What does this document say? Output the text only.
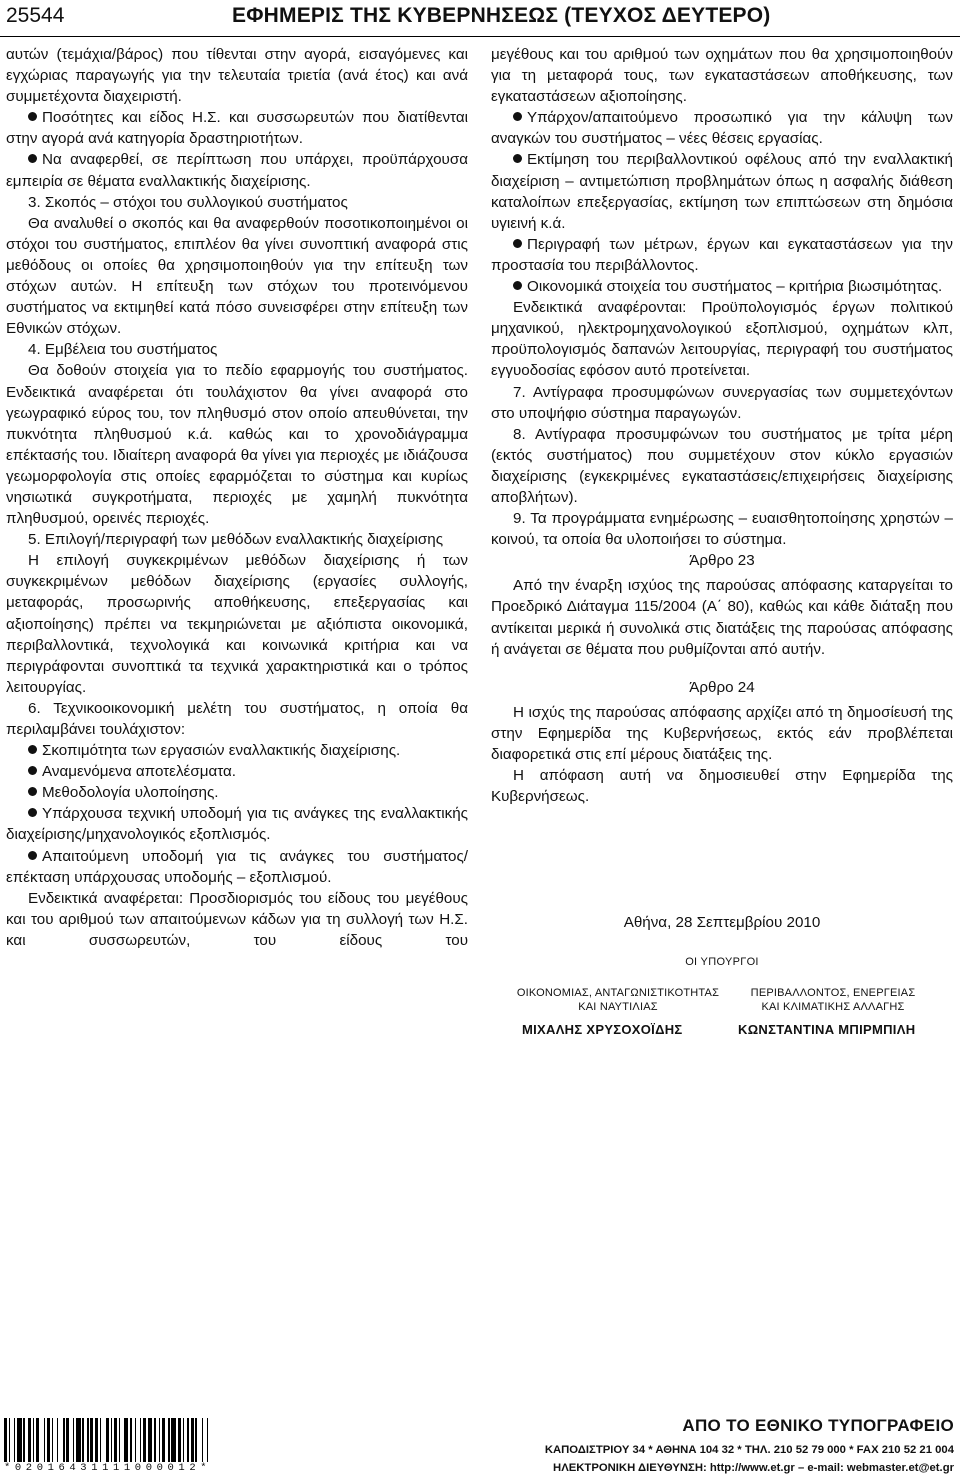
25544	ΕΦΗΜΕΡΙΣ ΤΗΣ ΚΥΒΕΡΝΗΣΕΩΣ (ΤΕΥΧΟΣ ΔΕΥΤΕΡΟ)

αυτών (τεμάχια/βάρος) που τίθενται στην αγορά, εισαγόμενες και εγχώριας παραγωγής για την τελευταία τριετία (ανά έτος) και ανά συμμετέχοντα διαχειριστή.

Ποσότητες και είδος Η.Σ. και συσσωρευτών που διατίθενται στην αγορά ανά κατηγορία δραστηριοτήτων.

Να αναφερθεί, σε περίπτωση που υπάρχει, προϋπάρχουσα εμπειρία σε θέματα εναλλακτικής διαχείρισης.

3. Σκοπός – στόχοι του συλλογικού συστήματος

Θα αναλυθεί ο σκοπός και θα αναφερθούν ποσοτικοποιημένοι οι στόχοι του συστήματος, επιπλέον θα γίνει συνοπτική αναφορά στις μεθόδους οι οποίες θα χρησιμοποιηθούν για την επίτευξη των στόχων αυτών. Η επίτευξη των στόχων του προτεινόμενου συστήματος να εκτιμηθεί κατά πόσο συνεισφέρει στην επίτευξη των Εθνικών στόχων.

4. Εμβέλεια του συστήματος

Θα δοθούν στοιχεία για το πεδίο εφαρμογής του συστήματος. Ενδεικτικά αναφέρεται ότι τουλάχιστον θα γίνει αναφορά στο γεωγραφικό εύρος του, τον πληθυσμό στον οποίο απευθύνεται, την πυκνότητα πληθυσμού κ.ά. καθώς και το χρονοδιάγραμμα επέκτασής του. Ιδιαίτερη αναφορά θα γίνει για περιοχές με ιδιάζουσα γεωμορφολογία στις οποίες εφαρμόζεται το σύστημα και κυρίως νησιωτικά συγκροτήματα, περιοχές με χαμηλή πυκνότητα πληθυσμού, ορεινές περιοχές.

5. Επιλογή/περιγραφή των μεθόδων εναλλακτικής διαχείρισης

Η επιλογή συγκεκριμένων μεθόδων διαχείρισης ή των συγκεκριμένων μεθόδων διαχείρισης (εργασίες συλλογής, μεταφοράς, προσωρινής αποθήκευσης, επεξεργασίας και αξιοποίησης) πρέπει να τεκμηριώνεται με αξιόπιστα οικονομικά, περιβαλλοντικά, τεχνολογικά και κοινωνικά κριτήρια και να περιγράφονται συνοπτικά τα τεχνικά χαρακτηριστικά και ο τρόπος λειτουργίας.

6. Τεχνικοοικονομική μελέτη του συστήματος, η οποία θα περιλαμβάνει τουλάχιστον:

Σκοπιμότητα των εργασιών εναλλακτικής διαχείρισης.

Αναμενόμενα αποτελέσματα.

Μεθοδολογία υλοποίησης.

Υπάρχουσα τεχνική υποδομή για τις ανάγκες της εναλλακτικής διαχείρισης/μηχανολογικός εξοπλισμός.

Απαιτούμενη υποδομή για τις ανάγκες του συστήματος/επέκταση υπάρχουσας υποδομής – εξοπλισμού.

Ενδεικτικά αναφέρεται: Προσδιορισμός του είδους του μεγέθους και του αριθμού των απαιτούμενων κάδων για τη συλλογή των Η.Σ. και συσσωρευτών, του είδους του

μεγέθους και του αριθμού των οχημάτων που θα χρησιμοποιηθούν για τη μεταφορά τους, των εγκαταστάσεων αποθήκευσης, των εγκαταστάσεων αξιοποίησης.

Υπάρχον/απαιτούμενο προσωπικό για την κάλυψη των αναγκών του συστήματος – νέες θέσεις εργασίας.

Εκτίμηση του περιβαλλοντικού οφέλους από την εναλλακτική διαχείριση – αντιμετώπιση προβλημάτων όπως η ασφαλής διάθεση καταλοίπων επεξεργασίας, εκτίμηση των επιπτώσεων στη δημόσια υγιεινή κ.ά.

Περιγραφή των μέτρων, έργων και εγκαταστάσεων για την προστασία του περιβάλλοντος.

Οικονομικά στοιχεία του συστήματος – κριτήρια βιωσιμότητας.

Ενδεικτικά αναφέρονται: Προϋπολογισμός έργων πολιτικού μηχανικού, ηλεκτρομηχανολογικού εξοπλισμού, οχημάτων κλπ, προϋπολογισμός δαπανών λειτουργίας, περιγραφή του συστήματος εγγυοδοσίας εφόσον αυτό προτείνεται.

7. Αντίγραφα προσυμφώνων συνεργασίας των συμμετεχόντων στο υποψήφιο σύστημα παραγωγών.

8. Αντίγραφα προσυμφώνων του συστήματος με τρίτα μέρη (εκτός συστήματος) που συμμετέχουν στον κύκλο εργασιών διαχείρισης (εγκεκριμένες εγκαταστάσεις/επιχειρήσεις διαχείρισης αποβλήτων).

9. Τα προγράμματα ενημέρωσης – ευαισθητοποίησης χρηστών – κοινού, τα οποία θα υλοποιήσει το σύστημα.

Άρθρο 23

Από την έναρξη ισχύος της παρούσας απόφασης καταργείται το Προεδρικό Διάταγμα 115/2004 (Α΄ 80), καθώς και κάθε διάταξη που αντίκειται μερικά ή συνολικά στις διατάξεις της παρούσας απόφασης ή ανάγεται σε θέματα που ρυθμίζονται από αυτήν.

Άρθρο 24

Η ισχύς της παρούσας απόφασης αρχίζει από τη δημοσίευσή της στην Εφημερίδα της Κυβερνήσεως, εκτός εάν προβλέπεται διαφορετικά στις επί μέρους διατάξεις της.

Η απόφαση αυτή να δημοσιευθεί στην Εφημερίδα της Κυβερνήσεως.

Αθήνα, 28 Σεπτεμβρίου 2010
ΟΙ ΥΠΟΥΡΓΟΙ
ΟΙΚΟΝΟΜΙΑΣ, ΑΝΤΑΓΩΝΙΣΤΙΚΟΤΗΤΑΣ
ΚΑΙ ΝΑΥΤΙΛΙΑΣ
ΠΕΡΙΒΑΛΛΟΝΤΟΣ, ΕΝΕΡΓΕΙΑΣ
ΚΑΙ ΚΛΙΜΑΤΙΚΗΣ ΑΛΛΑΓΗΣ
ΜΙΧΑΛΗΣ ΧΡΥΣΟΧΟΪΔΗΣ	ΚΩΝΣΤΑΝΤΙΝΑ ΜΠΙΡΜΠΙΛΗ
*02016431111000012*
ΑΠΟ ΤΟ ΕΘΝΙΚΟ ΤΥΠΟΓΡΑΦΕΙΟ
ΚΑΠΟΔΙΣΤΡΙΟΥ 34 * ΑΘΗΝΑ 104 32 * ΤΗΛ. 210 52 79 000 * FAX 210 52 21 004
ΗΛΕΚΤΡΟΝΙΚΗ ΔΙΕΥΘΥΝΣΗ: http://www.et.gr – e-mail: webmaster.et@et.gr
